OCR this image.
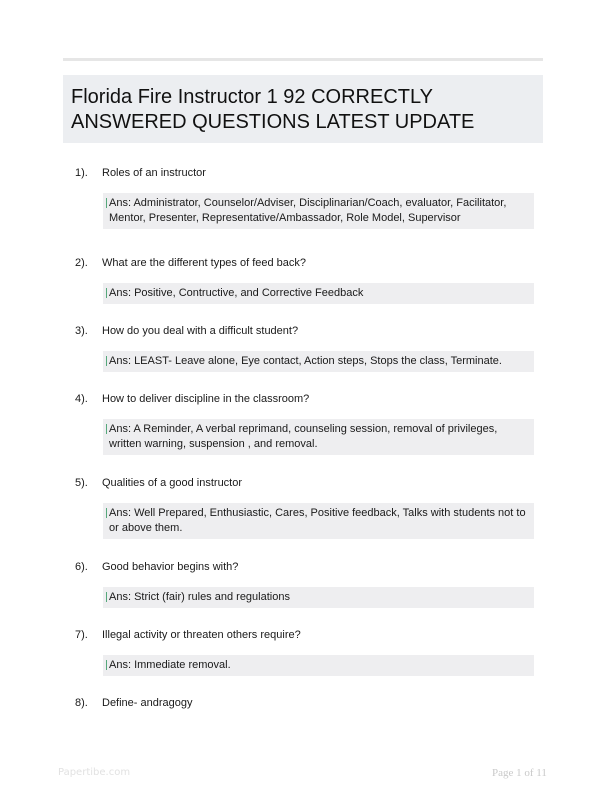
Florida Fire Instructor 1 92 CORRECTLY ANSWERED QUESTIONS LATEST UPDATE
1). Roles of an instructor
Ans: Administrator, Counselor/Adviser, Disciplinarian/Coach, evaluator, Facilitator, Mentor, Presenter, Representative/Ambassador, Role Model, Supervisor
2). What are the different types of feed back?
Ans: Positive, Contructive, and Corrective Feedback
3). How do you deal with a difficult student?
Ans: LEAST- Leave alone, Eye contact, Action steps, Stops the class, Terminate.
4). How to deliver discipline in the classroom?
Ans: A Reminder, A verbal reprimand, counseling session, removal of privileges, written warning, suspension , and removal.
5). Qualities of a good instructor
Ans: Well Prepared, Enthusiastic, Cares, Positive feedback, Talks with students not to or above them.
6). Good behavior begins with?
Ans: Strict (fair) rules and regulations
7). Illegal activity or threaten others require?
Ans: Immediate removal.
8). Define- andragogy
Papertibe.com	Page 1 of 11
